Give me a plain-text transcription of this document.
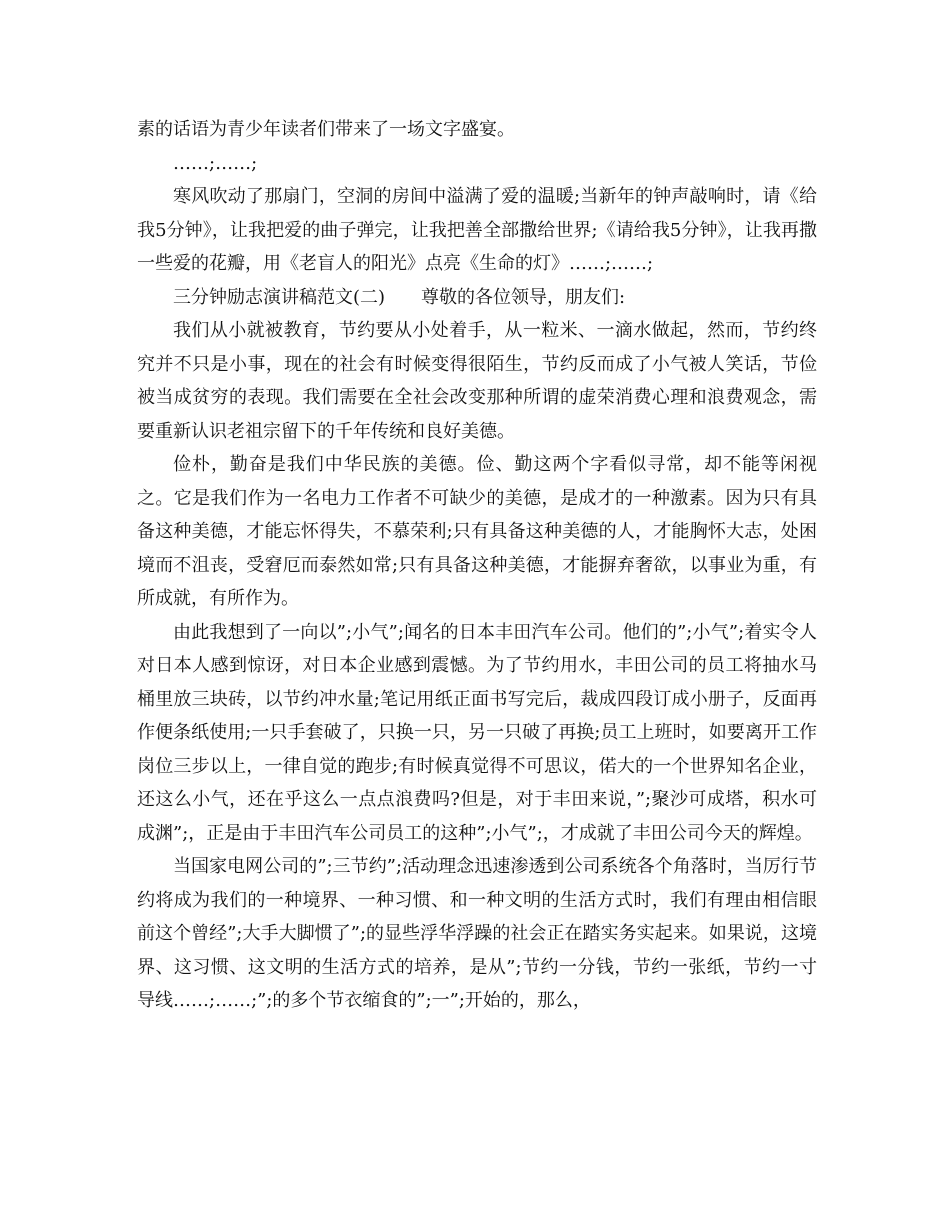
素的话语为青少年读者们带来了一场文字盛宴。

……;……;

寒风吹动了那扇门，空洞的房间中溢满了爱的温暖;当新年的钟声敲响时，请《给我5分钟》，让我把爱的曲子弹完，让我把善全部撒给世界;《请给我5分钟》，让我再撒一些爱的花瓣，用《老盲人的阳光》点亮《生命的灯》……;……;

三分钟励志演讲稿范文(二)　　尊敬的各位领导，朋友们:

我们从小就被教育，节约要从小处着手，从一粒米、一滴水做起，然而，节约终究并不只是小事，现在的社会有时候变得很陌生，节约反而成了小气被人笑话，节俭被当成贫穷的表现。我们需要在全社会改变那种所谓的虚荣消费心理和浪费观念，需要重新认识老祖宗留下的千年传统和良好美德。

俭朴，勤奋是我们中华民族的美德。俭、勤这两个字看似寻常，却不能等闲视之。它是我们作为一名电力工作者不可缺少的美德，是成才的一种激素。因为只有具备这种美德，才能忘怀得失，不慕荣利;只有具备这种美德的人，才能胸怀大志，处困境而不沮丧，受窘厄而泰然如常;只有具备这种美德，才能摒弃奢欲，以事业为重，有所成就，有所作为。

由此我想到了一向以”;小气”;闻名的日本丰田汽车公司。他们的”;小气”;着实令人对日本人感到惊讶，对日本企业感到震憾。为了节约用水，丰田公司的员工将抽水马桶里放三块砖，以节约冲水量;笔记用纸正面书写完后，裁成四段订成小册子，反面再作便条纸使用;一只手套破了，只换一只，另一只破了再换;员工上班时，如要离开工作岗位三步以上，一律自觉的跑步;有时候真觉得不可思议，偌大的一个世界知名企业，还这么小气，还在乎这么一点点浪费吗?但是，对于丰田来说，”;聚沙可成塔，积水可成渊”;，正是由于丰田汽车公司员工的这种”;小气”;，才成就了丰田公司今天的辉煌。

当国家电网公司的”;三节约”;活动理念迅速渗透到公司系统各个角落时，当厉行节约将成为我们的一种境界、一种习惯、和一种文明的生活方式时，我们有理由相信眼前这个曾经”;大手大脚惯了”;的显些浮华浮躁的社会正在踏实务实起来。如果说，这境界、这习惯、这文明的生活方式的培养，是从”;节约一分钱，节约一张纸，节约一寸导线……;……;”;的多个节衣缩食的”;一”;开始的，那么，
